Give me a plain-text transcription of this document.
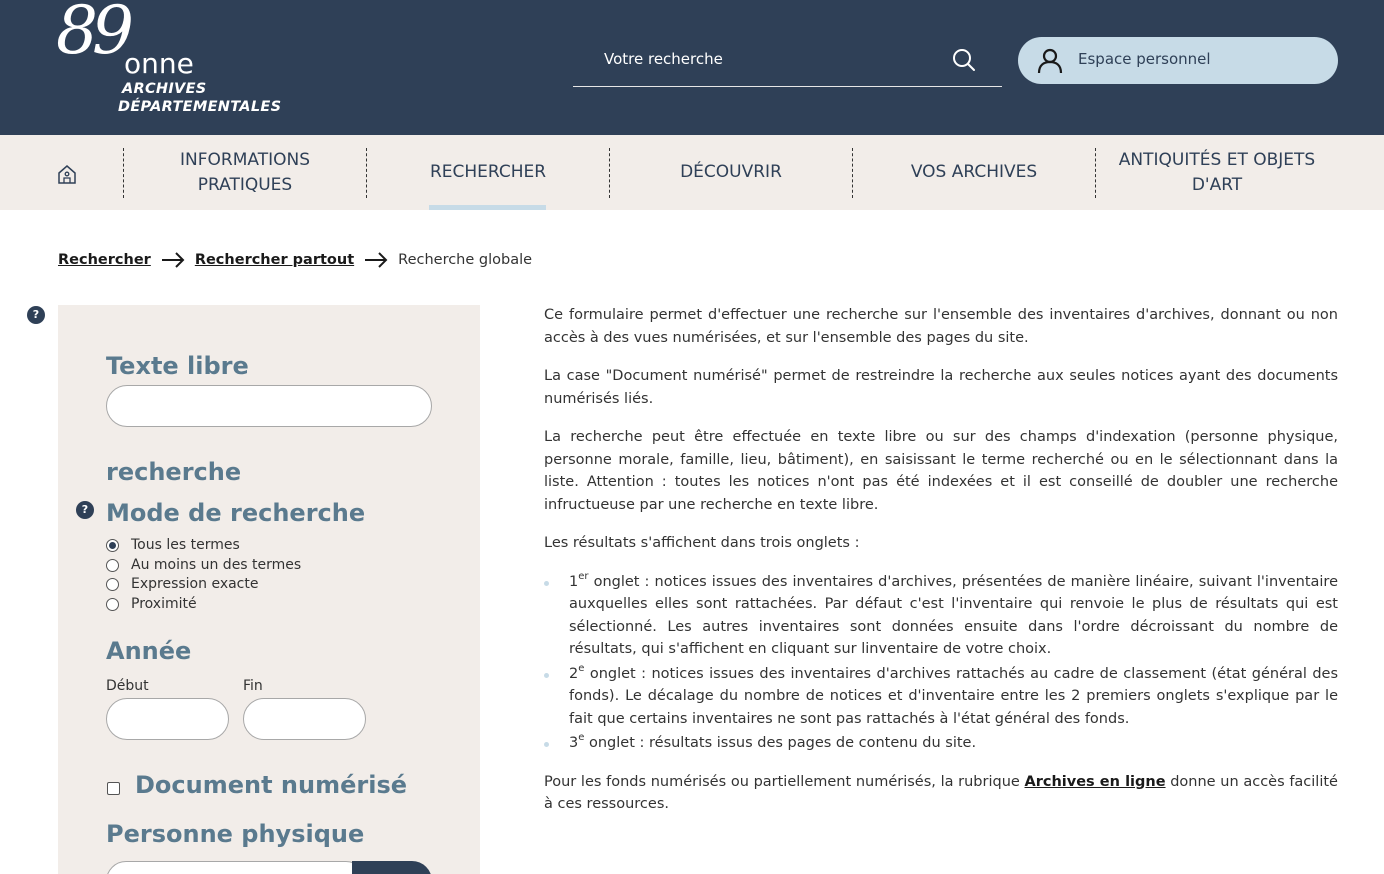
89
onne
ARCHIVES
DÉPARTEMENTALES
Votre recherche
Espace personnel
INFORMATIONS
PRATIQUES
RECHERCHER	DÉCOUVRIR	VOS ARCHIVES
ANTIQUITÉS ET OBJETS
D'ART
Rechercher	Rechercher partout	Recherche globale
?
Texte libre
recherche
? Mode de recherche
Tous les termes
Au moins un des termes
Expression exacte
Proximité
Année
Début	Fin
Document numérisé
Personne physique

Ce formulaire permet d'effectuer une recherche sur l'ensemble des inventaires d'archives, donnant ou non accès à des vues numérisées, et sur l'ensemble des pages du site.

La case "Document numérisé" permet de restreindre la recherche aux seules notices ayant des documents numérisés liés.

La recherche peut être effectuée en texte libre ou sur des champs d'indexation (personne physique, personne morale, famille, lieu, bâtiment), en saisissant le terme recherché ou en le sélectionnant dans la liste. Attention : toutes les notices n'ont pas été indexées et il est conseillé de doubler une recherche infructueuse par une recherche en texte libre.

Les résultats s'affichent dans trois onglets :

1er onglet : notices issues des inventaires d'archives, présentées de manière linéaire, suivant l'inventaire auxquelles elles sont rattachées. Par défaut c'est l'inventaire qui renvoie le plus de résultats qui est sélectionné. Les autres inventaires sont données ensuite dans l'ordre décroissant du nombre de résultats, qui s'affichent en cliquant sur linventaire de votre choix.
2e onglet : notices issues des inventaires d'archives rattachés au cadre de classement (état général des fonds). Le décalage du nombre de notices et d'inventaire entre les 2 premiers onglets s'explique par le fait que certains inventaires ne sont pas rattachés à l'état général des fonds.
3e onglet : résultats issus des pages de contenu du site.

Pour les fonds numérisés ou partiellement numérisés, la rubrique Archives en ligne donne un accès facilité à ces ressources.
